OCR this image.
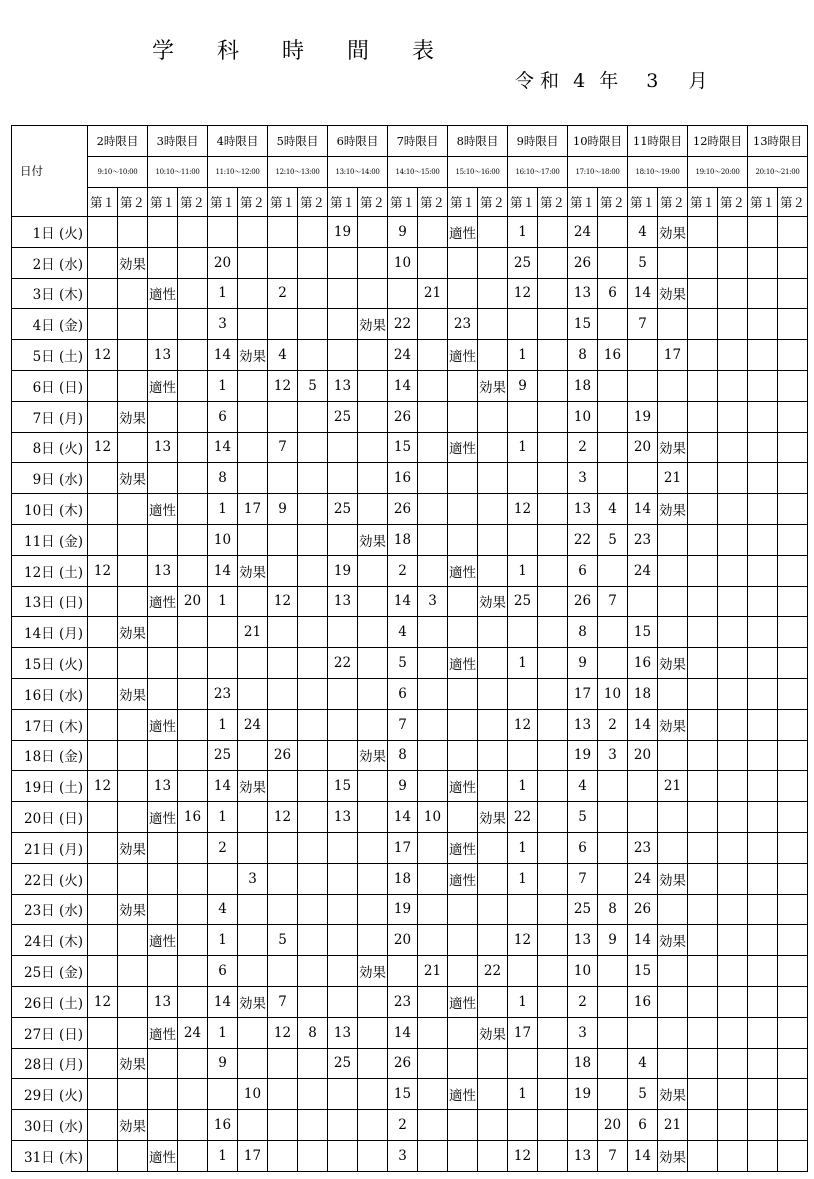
学 科 時 間 表
令 和 4 年 3 月
日付	2時限目		3時限目		4時限目		5時限目		6時限目		7時限目		8時限目		9時限目		10時限目		11時限目		12時限目		13時限目	
	9:10～10:00		10:10～11:00		11:10～12:00		12:10～13:00		13:10～14:00		14:10～15:00		15:10～16:00		16:10～17:00		17:10～18:00		18:10～19:00		19:10～20:00		20:10～21:00	
	第１	第２	第１	第２	第１	第２	第１	第２	第１	第２	第１	第２	第１	第２	第１	第２	第１	第２	第１	第２	第１	第２	第１	第２
1日 (火)									19		9		適性		1		24		4	効果				
2日 (水)		効果			20						10				25		26		5					
3日 (木)			適性		1		2					21			12		13	6	14	効果				
4日 (金)					3					効果	22		23				15		7					
5日 (土)	12		13		14	効果	4				24		適性		1		8	16		17				
6日 (日)			適性		1		12	5	13		14			効果	9		18							
7日 (月)		効果			6				25		26						10		19					
8日 (火)	12		13		14		7				15		適性		1		2		20	効果				
9日 (水)		効果			8						16						3			21				
10日 (木)			適性		1	17	9		25		26				12		13	4	14	効果				
11日 (金)					10					効果	18						22	5	23					
12日 (土)	12		13		14	効果			19		2		適性		1		6		24					
13日 (日)			適性	20	1		12		13		14	3		効果	25		26	7						
14日 (月)		効果				21					4						8		15					
15日 (火)									22		5		適性		1		9		16	効果				
16日 (水)		効果			23						6						17	10	18					
17日 (木)			適性		1	24					7				12		13	2	14	効果				
18日 (金)					25		26			効果	8						19	3	20					
19日 (土)	12		13		14	効果			15		9		適性		1		4			21				
20日 (日)			適性	16	1		12		13		14	10		効果	22		5							
21日 (月)		効果			2						17		適性		1		6		23					
22日 (火)						3					18		適性		1		7		24	効果				
23日 (水)		効果			4						19						25	8	26					
24日 (木)			適性		1		5				20				12		13	9	14	効果				
25日 (金)					6					効果		21		22			10		15					
26日 (土)	12		13		14	効果	7				23		適性		1		2		16					
27日 (日)			適性	24	1		12	8	13		14			効果	17		3							
28日 (月)		効果			9				25		26						18		4					
29日 (火)						10					15		適性		1		19		5	効果				
30日 (水)		効果			16						2							20	6	21				
31日 (木)			適性		1	17					3				12		13	7	14	効果				
